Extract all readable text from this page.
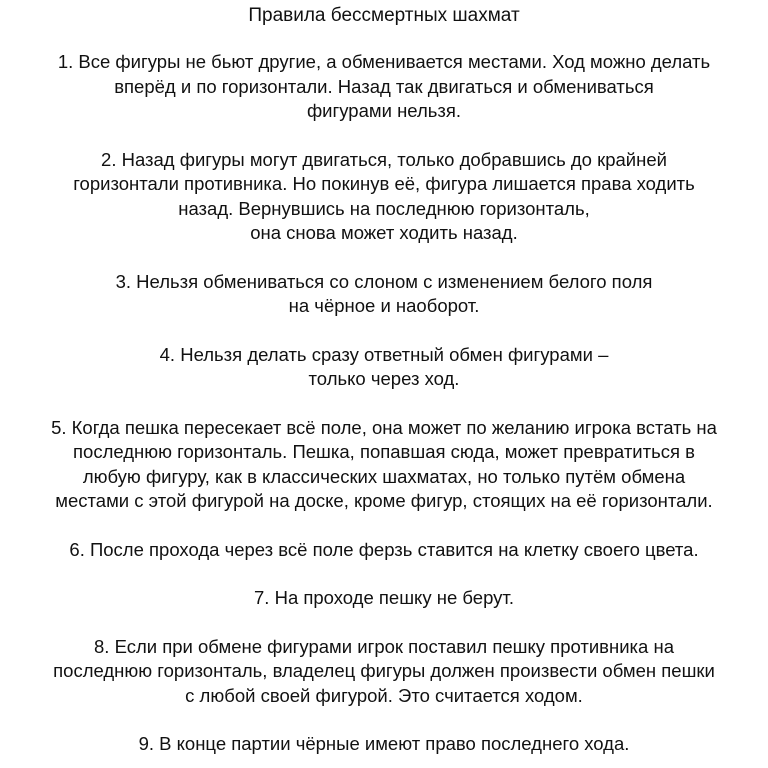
Правила бессмертных шахмат

1. Все фигуры не бьют другие, а обменивается местами. Ход можно делать
вперёд и по горизонтали. Назад так двигаться и обмениваться
фигурами нельзя.

2. Назад фигуры могут двигаться, только добравшись до крайней
горизонтали противника. Но покинув её, фигура лишается права ходить
назад. Вернувшись на последнюю горизонталь,
она снова может ходить назад.

3. Нельзя обмениваться со слоном с изменением белого поля
на чёрное и наоборот.

4. Нельзя делать сразу ответный обмен фигурами –
только через ход.

5. Когда пешка пересекает всё поле, она может по желанию игрока встать на
последнюю горизонталь. Пешка, попавшая сюда, может превратиться в
любую фигуру, как в классических шахматах, но только путём обмена
местами с этой фигурой на доске, кроме фигур, стоящих на её горизонтали.

6. После прохода через всё поле ферзь ставится на клетку своего цвета.

7. На проходе пешку не берут.

8. Если при обмене фигурами игрок поставил пешку противника на
последнюю горизонталь, владелец фигуры должен произвести обмен пешки
с любой своей фигурой. Это считается ходом.

9. В конце партии чёрные имеют право последнего хода.
